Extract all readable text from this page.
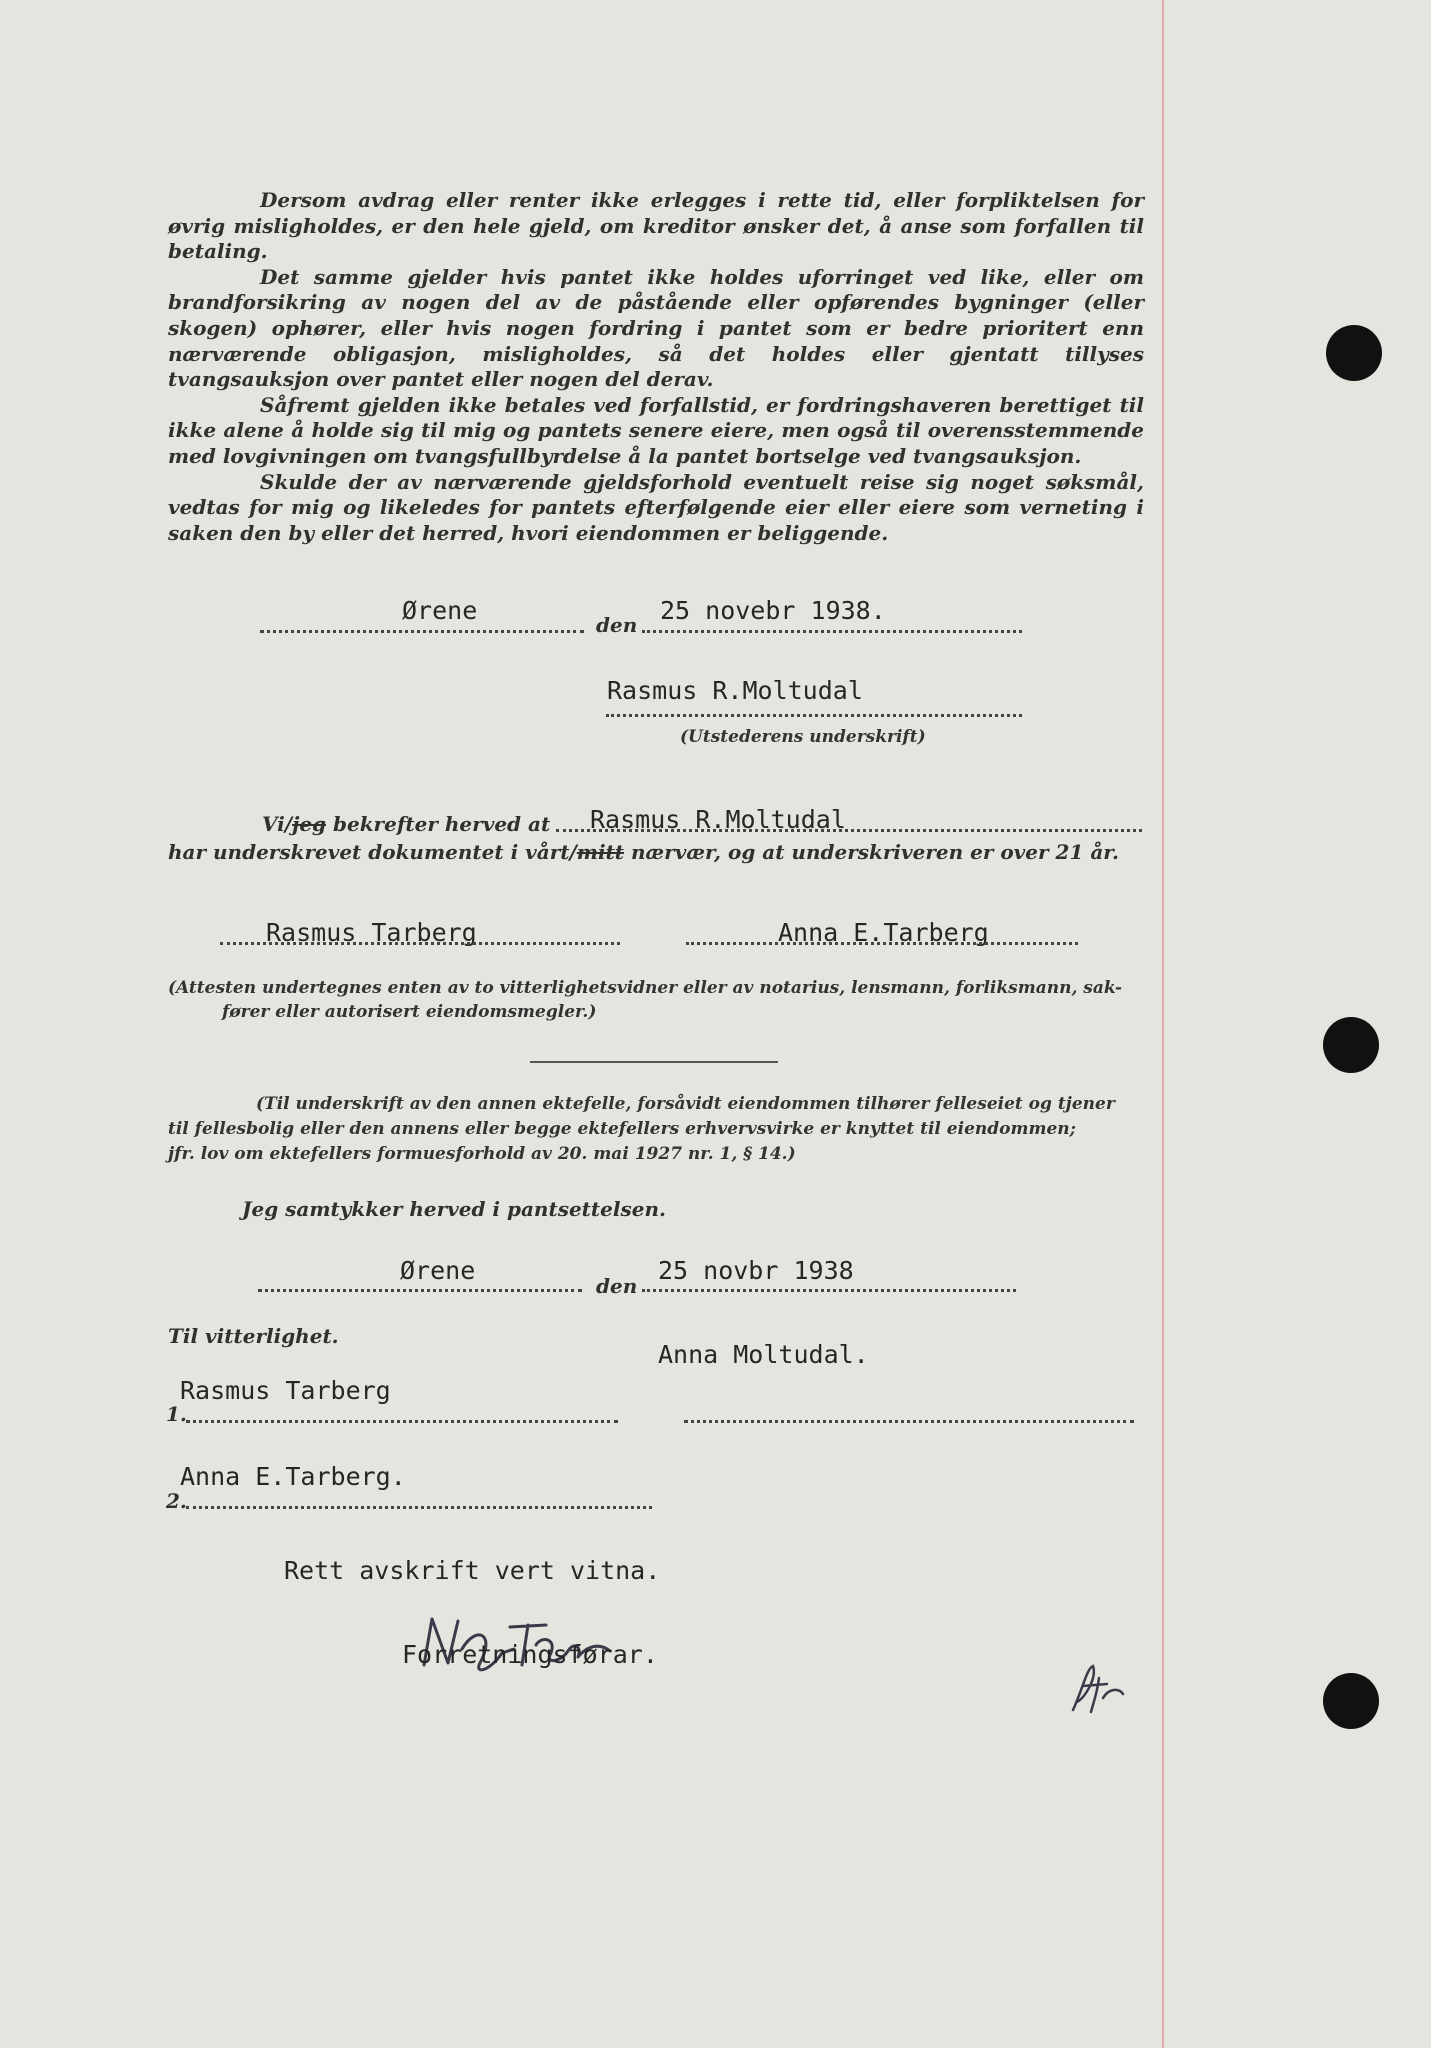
Dersom avdrag eller renter ikke erlegges i rette tid, eller forpliktelsen for øvrig misligholdes, er den hele gjeld, om kreditor ønsker det, å anse som forfallen til betaling.

Det samme gjelder hvis pantet ikke holdes uforringet ved like, eller om brandforsikring av nogen del av de påstående eller opførendes bygninger (eller skogen) ophører, eller hvis nogen fordring i pantet som er bedre prioritert enn nærværende obligasjon, misligholdes, så det holdes eller gjentatt tillyses tvangsauksjon over pantet eller nogen del derav.

Såfremt gjelden ikke betales ved forfallstid, er fordringshaveren berettiget til ikke alene å holde sig til mig og pantets senere eiere, men også til overensstemmende med lovgivningen om tvangsfullbyrdelse å la pantet bortselge ved tvangsauksjon.

Skulde der av nærværende gjeldsforhold eventuelt reise sig noget søksmål, vedtas for mig og likeledes for pantets efterfølgende eier eller eiere som verneting i saken den by eller det herred, hvori eiendommen er beliggende.

Ørene	den 25 novebr 1938.
Rasmus R.Moltudal
(Utstederens underskrift)
Vi/jeg bekrefter herved at Rasmus R.Moltudal
har underskrevet dokumentet i vårt/mitt nærvær, og at underskriveren er over 21 år.
Rasmus Tarberg	Anna E.Tarberg
(Attesten undertegnes enten av to vitterlighetsvidner eller av notarius, lensmann, forliksmann, sak-
fører eller autorisert eiendomsmegler.)
(Til underskrift av den annen ektefelle, forsåvidt eiendommen tilhører felleseiet og tjener
til fellesbolig eller den annens eller begge ektefellers erhvervsvirke er knyttet til eiendommen;
jfr. lov om ektefellers formuesforhold av 20. mai 1927 nr. 1, § 14.)
Jeg samtykker herved i pantsettelsen.
Ørene
den
25 novbr 1938
Til vitterlighet.
Anna Moltudal.
Rasmus Tarberg
1.
Anna E.Tarberg.
2.
Rett avskrift vert vitna.
Forretningsførar.
